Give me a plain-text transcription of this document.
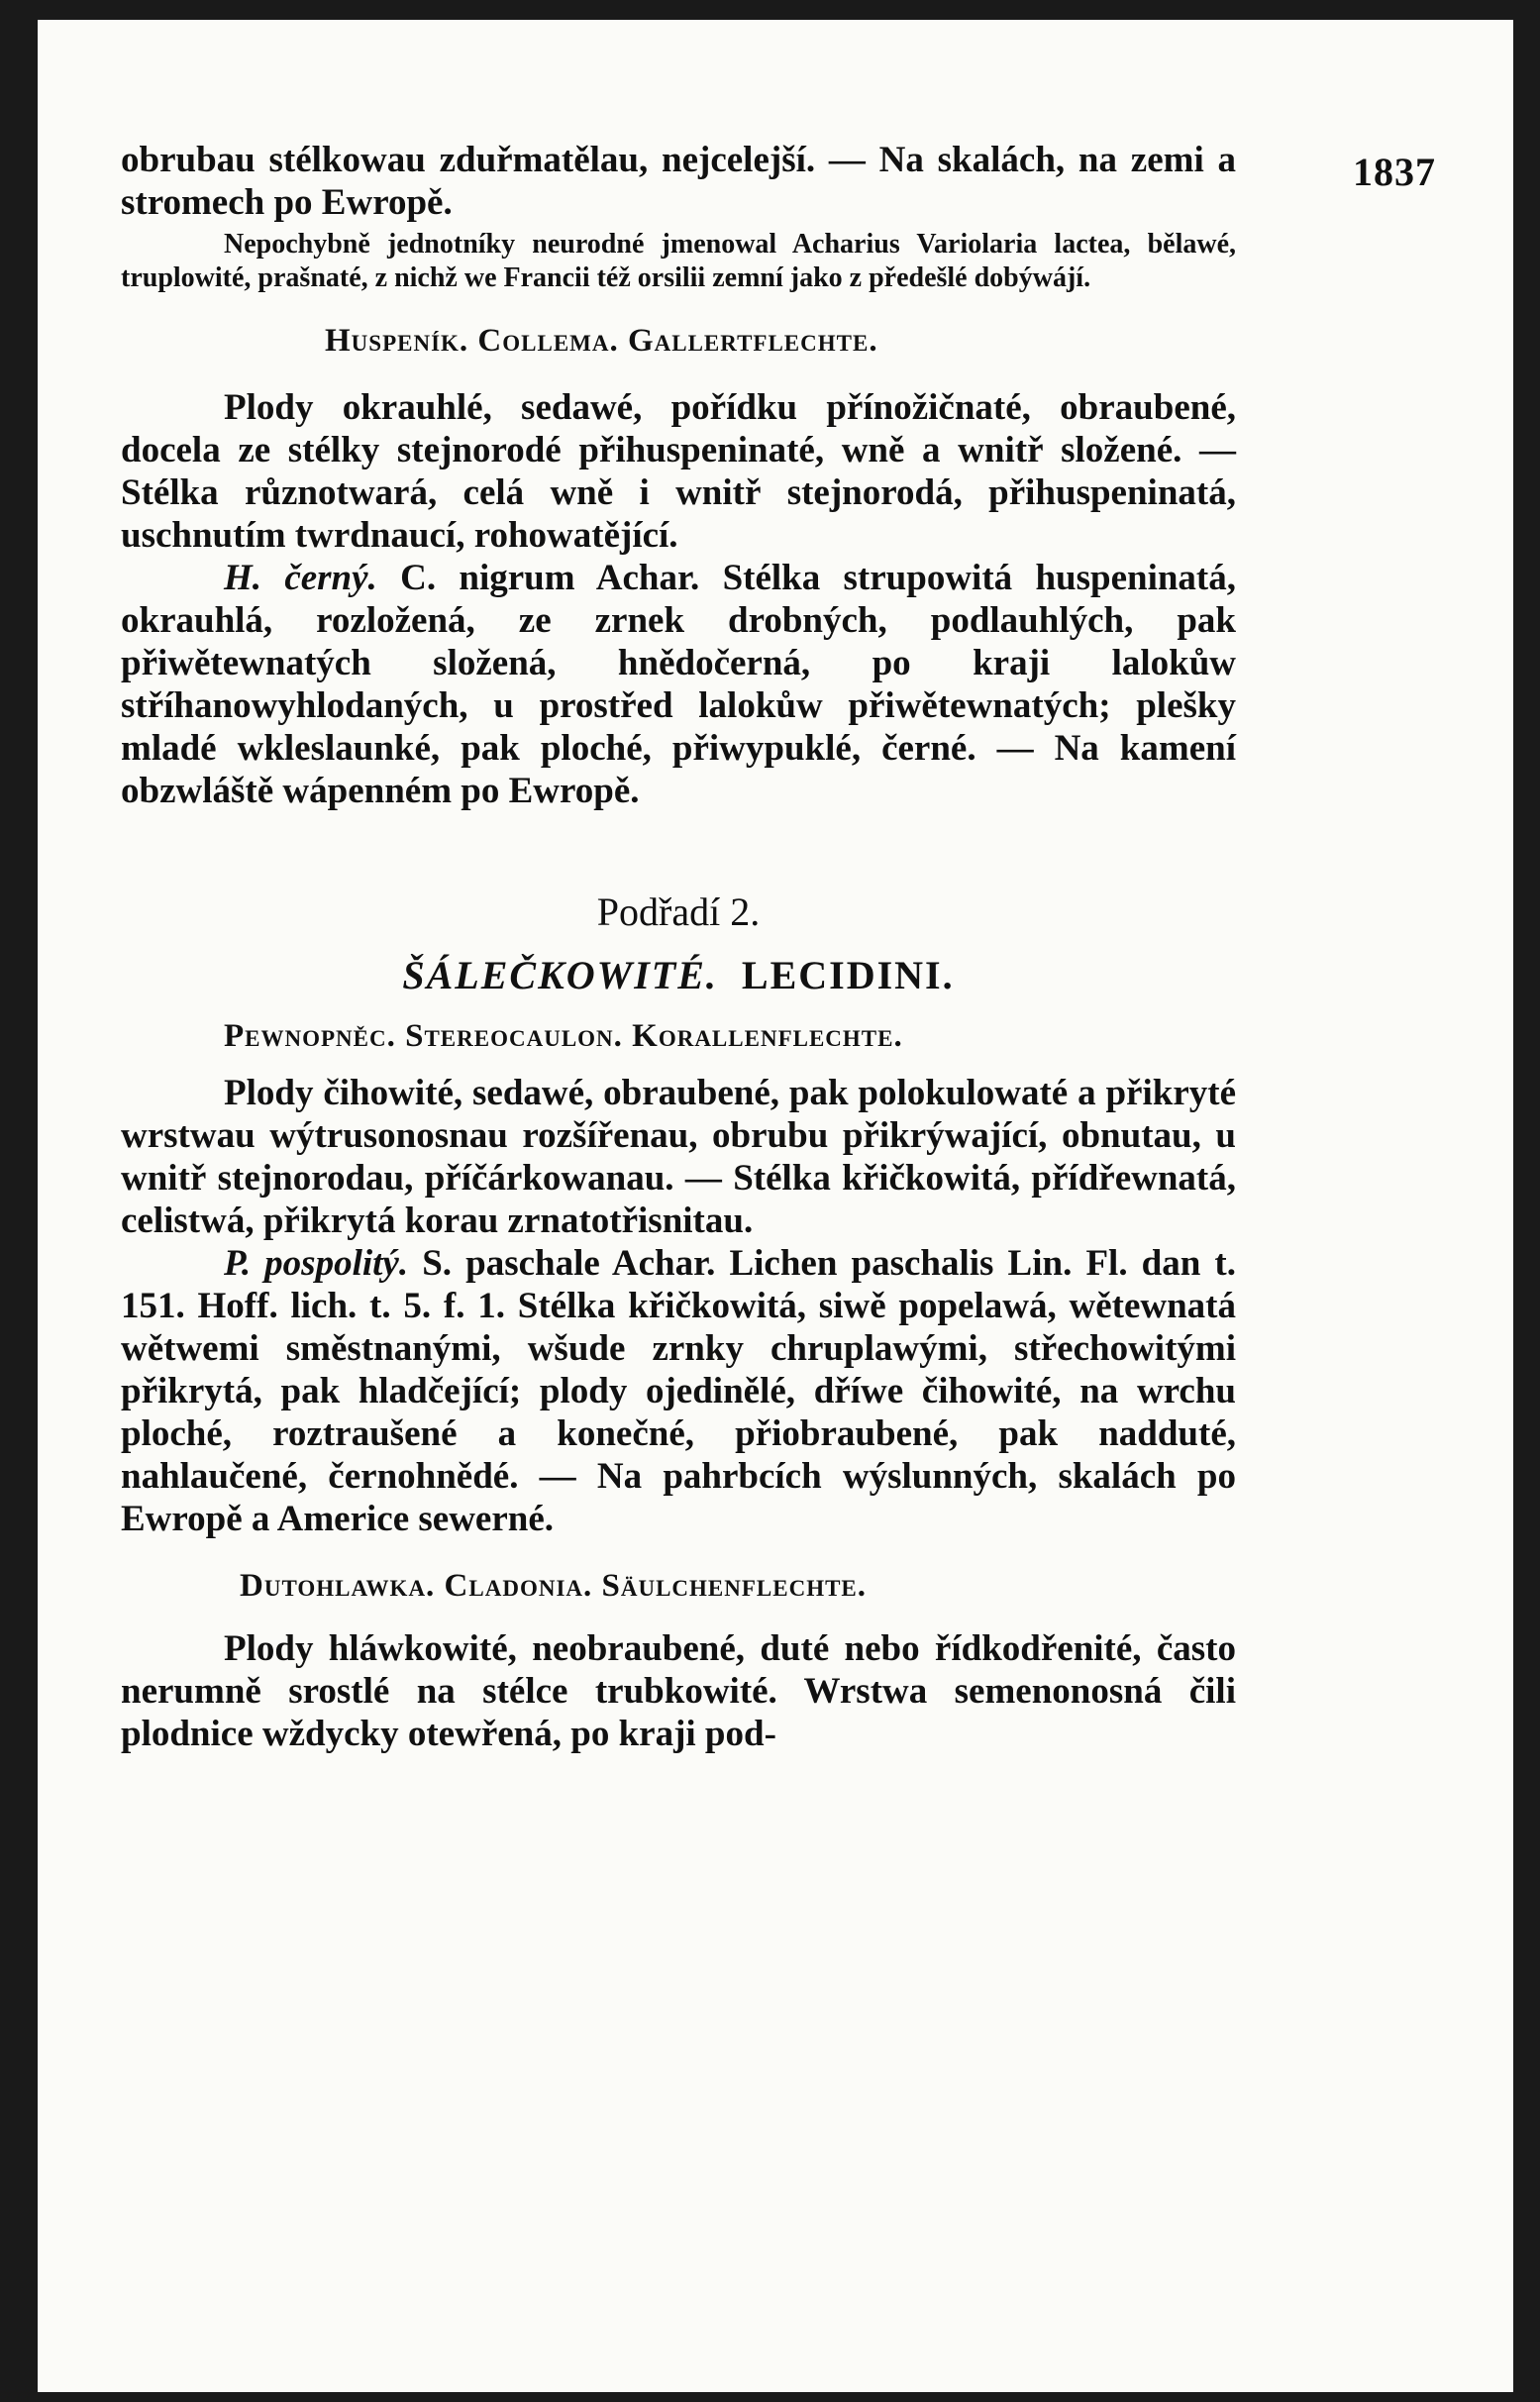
1837

obrubau stélkowau zduřmatělau, nejcelejší. — Na skalách, na zemi a stromech po Ewropě.

Nepochybně jednotníky neurodné jmenowal Acharius Variolaria lactea, bělawé, truplowité, prašnaté, z nichž we Francii též orsilii zemní jako z předešlé dobýwájí.

Huspeník. Collema. Gallertflechte.

Plody okrauhlé, sedawé, pořídku přínožičnaté, obraubené, docela ze stélky stejnorodé přihuspeninaté, wně a wnitř složené. — Stélka různotwará, celá wně i wnitř stejnorodá, přihuspeninatá, uschnutím twrdnaucí, rohowatějící.

H. černý. C. nigrum Achar. Stélka strupowitá huspeninatá, okrauhlá, rozložená, ze zrnek drobných, podlauhlých, pak přiwětewnatých složená, hnědočerná, po kraji lalokůw stříhanowyhlodaných, u prostřed lalokůw přiwětewnatých; plešky mladé wkleslaunké, pak ploché, přiwypuklé, černé. — Na kamení obzwláště wápenném po Ewropě.

Podřadí 2.

ŠÁLEČKOWITÉ. LECIDINI.

Pewnopněc. Stereocaulon. Korallenflechte.

Plody čihowité, sedawé, obraubené, pak polokulowaté a přikryté wrstwau wýtrusonosnau rozšířenau, obrubu přikrýwající, obnutau, u wnitř stejnorodau, příčárkowanau. — Stélka křičkowitá, přídřewnatá, celistwá, přikrytá korau zrnatotřisnitau.

P. pospolitý. S. paschale Achar. Lichen paschalis Lin. Fl. dan t. 151. Hoff. lich. t. 5. f. 1. Stélka křičkowitá, siwě popelawá, wětewnatá wětwemi směstnanými, wšude zrnky chruplawými, střechowitými přikrytá, pak hladčející; plody ojedinělé, dříwe čihowité, na wrchu ploché, roztraušené a konečné, přiobraubené, pak nadduté, nahlaučené, černohnědé. — Na pahrbcích wýslunných, skalách po Ewropě a Americe sewerné.

Dutohlawka. Cladonia. Säulchenflechte.

Plody hláwkowité, neobraubené, duté nebo řídkodřenité, často nerumně srostlé na stélce trubkowité. Wrstwa semenonosná čili plodnice wždycky otewřená, po kraji pod-
